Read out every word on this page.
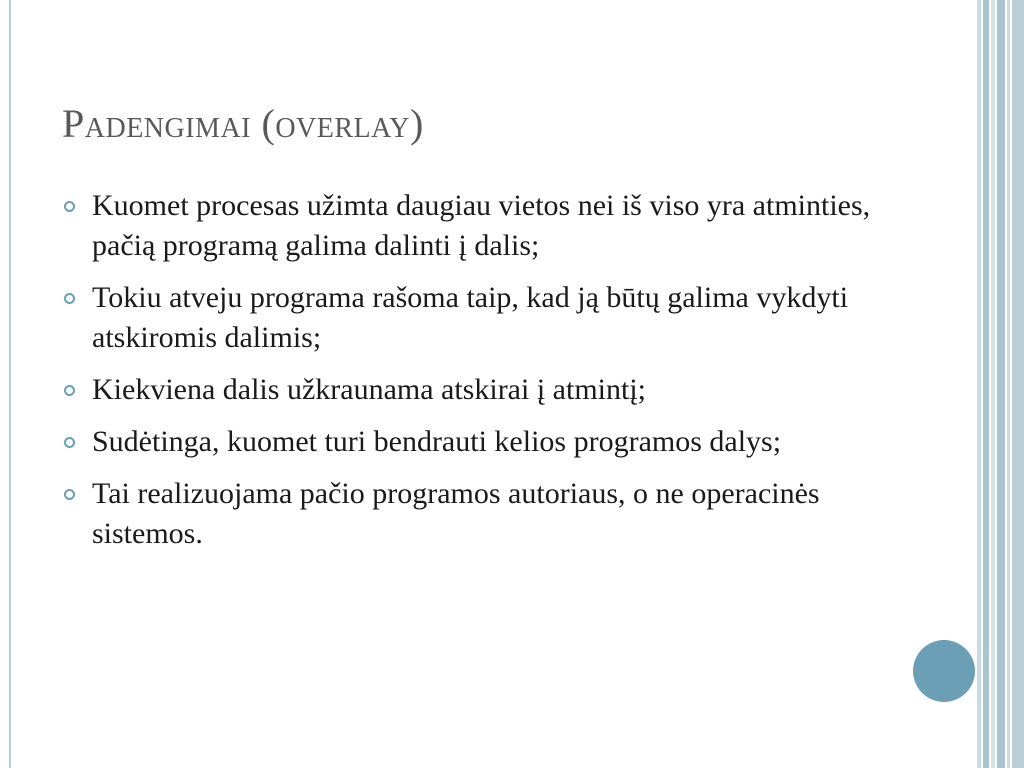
Padengimai (overlay)
Kuomet procesas užimta daugiau vietos nei iš viso yra atminties, pačią programą galima dalinti į dalis;
Tokiu atveju programa rašoma taip, kad ją būtų galima vykdyti atskiromis dalimis;
Kiekviena dalis užkraunama atskirai į atmintį;
Sudėtinga, kuomet turi bendrauti kelios programos dalys;
Tai realizuojama pačio programos autoriaus, o ne operacinės sistemos.
